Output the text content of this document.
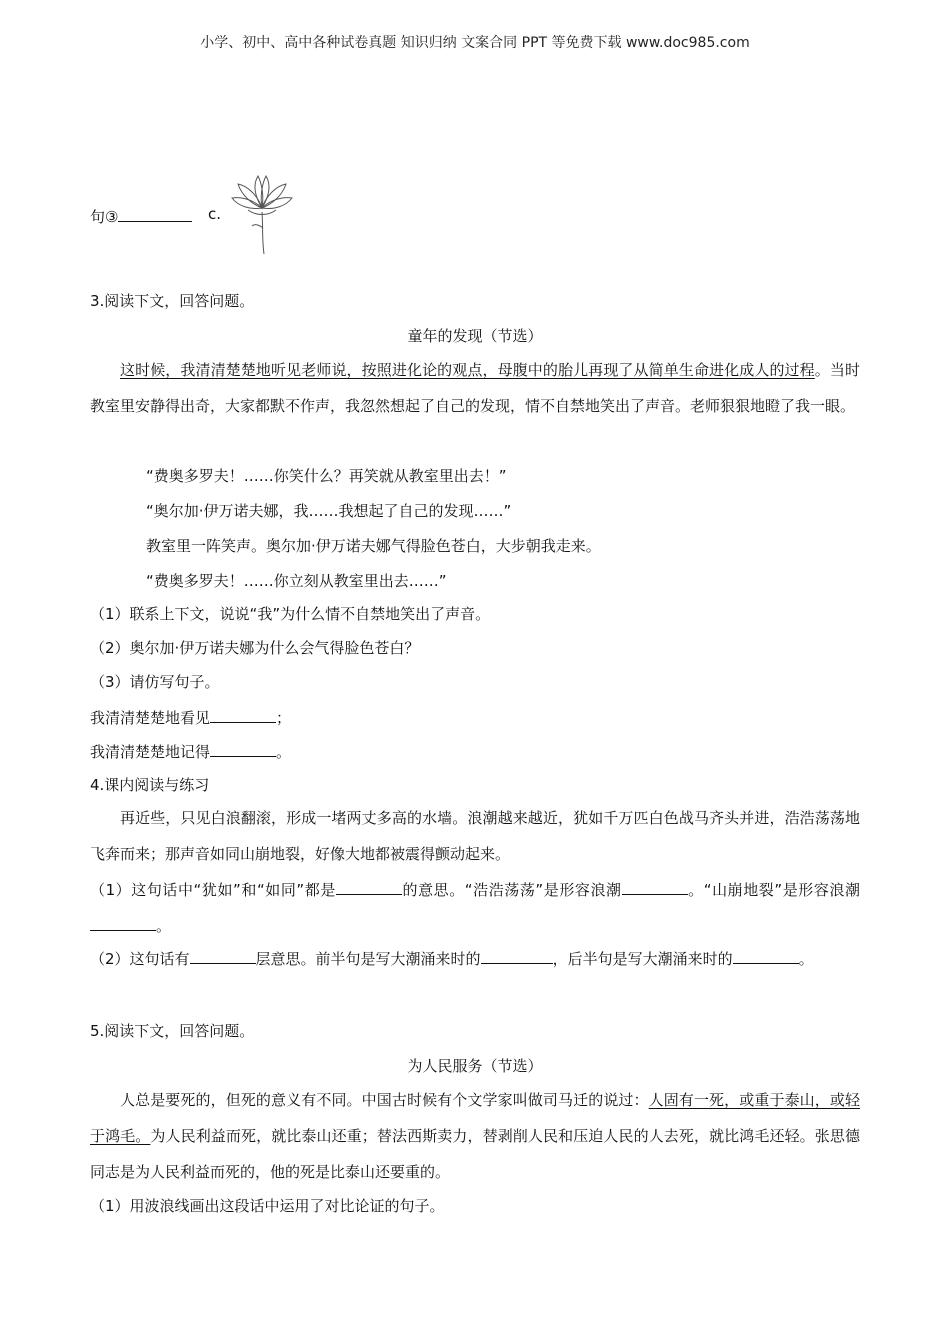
小学、初中、高中各种试卷真题 知识归纳 文案合同 PPT 等免费下载 www.doc985.com
句③	c.
3.阅读下文，回答问题。
童年的发现（节选）
这时候，我清清楚楚地听见老师说，按照进化论的观点，母腹中的胎儿再现了从简单生命进化成人的过程。当时教室里安静得出奇，大家都默不作声，我忽然想起了自己的发现，情不自禁地笑出了声音。老师狠狠地瞪了我一眼。
“费奥多罗夫！……你笑什么？再笑就从教室里出去！”
“奥尔加·伊万诺夫娜，我……我想起了自己的发现……”
教室里一阵笑声。奥尔加·伊万诺夫娜气得脸色苍白，大步朝我走来。
“费奥多罗夫！……你立刻从教室里出去……”
（1）联系上下文，说说“我”为什么情不自禁地笑出了声音。
（2）奥尔加·伊万诺夫娜为什么会气得脸色苍白？
（3）请仿写句子。
我清清楚楚地看见	；
我清清楚楚地记得	。
4.课内阅读与练习
再近些，只见白浪翻滚，形成一堵两丈多高的水墙。浪潮越来越近，犹如千万匹白色战马齐头并进，浩浩荡荡地飞奔而来；那声音如同山崩地裂，好像大地都被震得颤动起来。
（1）这句话中“犹如”和“如同”都是	的意思。“浩浩荡荡”是形容浪潮	。“山崩地裂”是形容浪潮。
（2）这句话有	层意思。前半句是写大潮涌来时的	，后半句是写大潮涌来时的	。
5.阅读下文，回答问题。
为人民服务（节选）
人总是要死的，但死的意义有不同。中国古时候有个文学家叫做司马迁的说过：人固有一死，或重于泰山，或轻于鸿毛。为人民利益而死，就比泰山还重；替法西斯卖力，替剥削人民和压迫人民的人去死，就比鸿毛还轻。张思德同志是为人民利益而死的，他的死是比泰山还要重的。
（1）用波浪线画出这段话中运用了对比论证的句子。
